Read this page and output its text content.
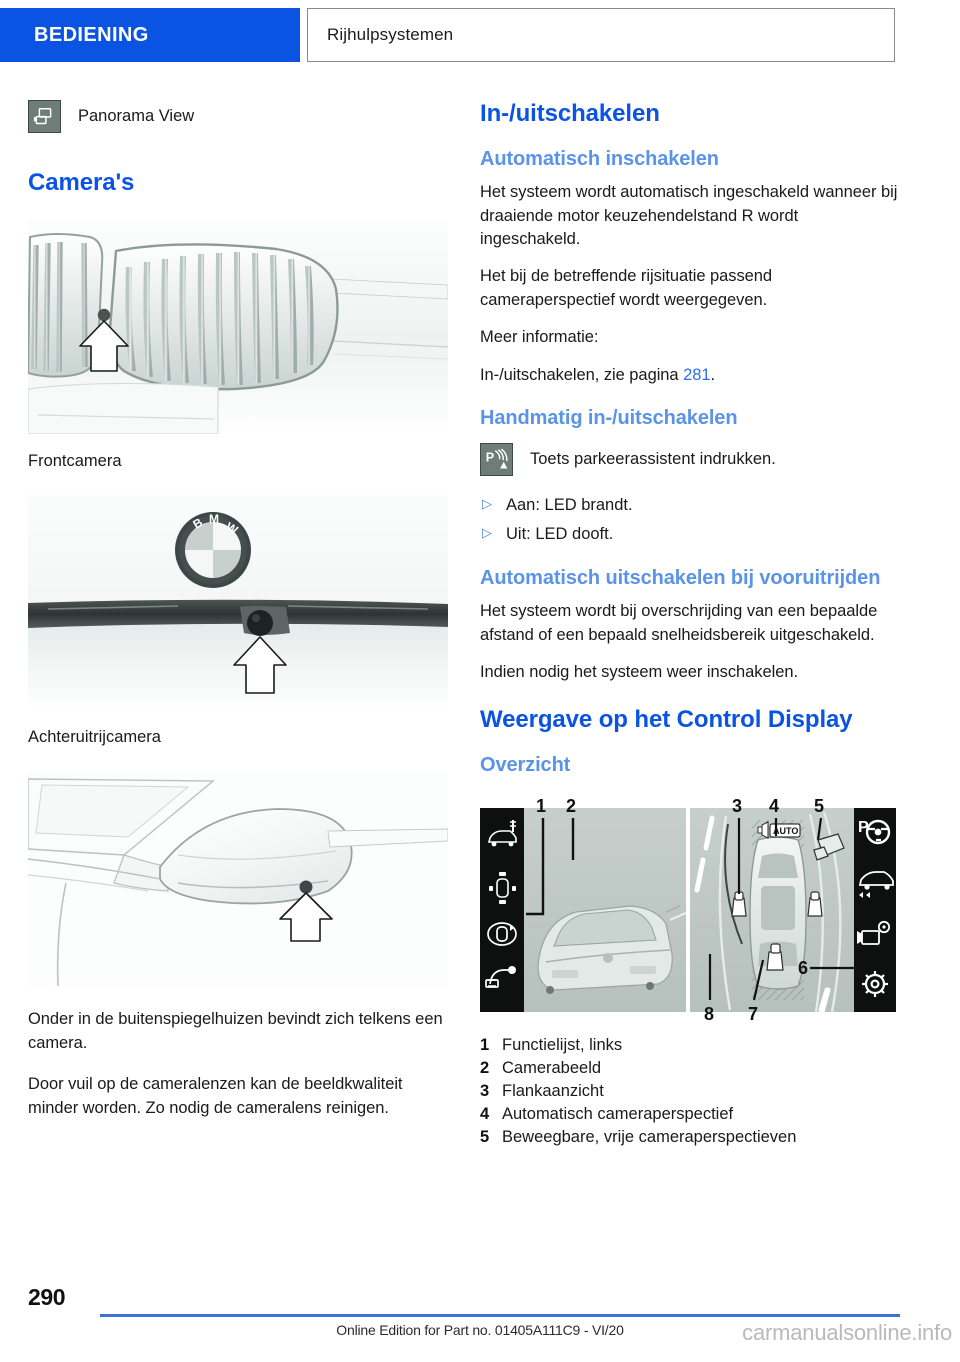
BEDIENING	Rijhulpsystemen
Panorama View
Camera's
Frontcamera
B M
W
Achteruitrijcamera

Onder in de buitenspiegelhuizen bevindt zich telkens een camera.

Door vuil op de cameralenzen kan de beeldkwaliteit minder worden. Zo nodig de cameralens reinigen.

In-/uitschakelen
Automatisch inschakelen

Het systeem wordt automatisch ingeschakeld wanneer bij draaiende motor keuzehendelstand R wordt ingeschakeld.

Het bij de betreffende rijsituatie passend cameraperspectief wordt weergegeven.

Meer informatie:

In-/uitschakelen, zie pagina 281.

Handmatig in-/uitschakelen
P Toets parkeerassistent indrukken.
▷ Aan: LED brandt.
▷ Uit: LED dooft.
Automatisch uitschakelen bij vooruitrijden

Het systeem wordt bij overschrijding van een bepaalde afstand of een bepaald snelheidsbereik uitgeschakeld.

Indien nodig het systeem weer inschakelen.

Weergave op het Control Display
Overzicht
1 2
AUTO
3 4 5
6
7
8
P
1 Functielijst, links
2 Camerabeeld
3 Flankaanzicht
4 Automatisch cameraperspectief
5 Beweegbare, vrije cameraperspectieven
290
Online Edition for Part no. 01405A111C9 - VI/20	carmanualsonline.info
